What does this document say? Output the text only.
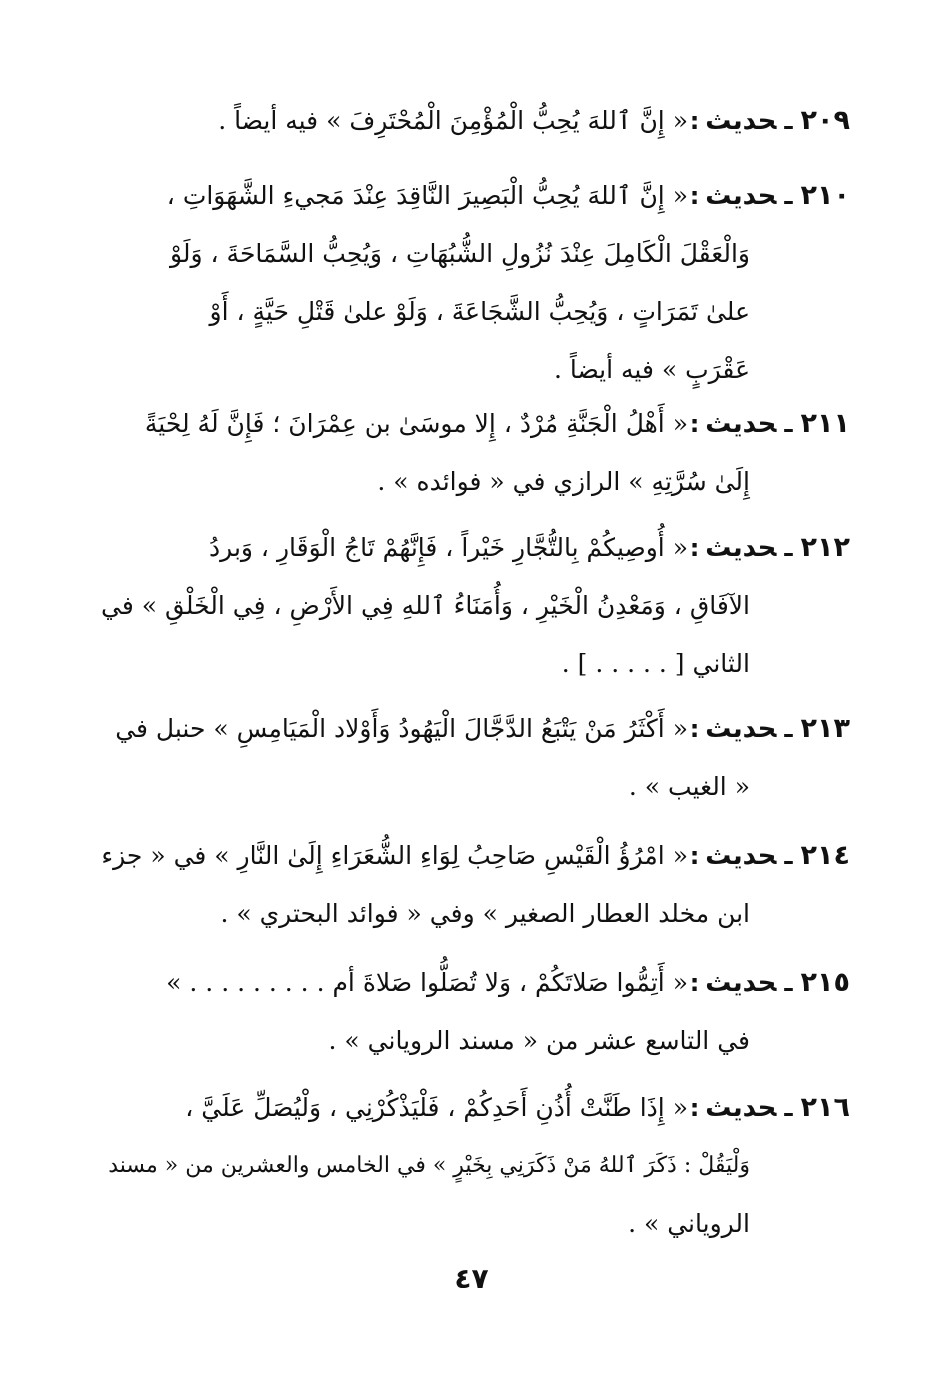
٢٠٩ـحديث:
« إِنَّ ٱللهَ يُحِبُّ الْمُؤْمِنَ الْمُحْتَرِفَ » فيه أيضاً .
٢١٠ـحديث:
« إِنَّ ٱللهَ يُحِبُّ الْبَصِيرَ النَّاقِدَ عِنْدَ مَجيءِ الشَّهَوَاتِ ،
وَالْعَقْلَ الْكَامِلَ عِنْدَ نُزُولِ الشُّبُهَاتِ ، وَيُحِبُّ السَّمَاحَةَ ، وَلَوْ
علىٰ تَمَرَاتٍ ، وَيُحِبُّ الشَّجَاعَةَ ، وَلَوْ علىٰ قَتْلِ حَيَّةٍ ، أَوْ
عَقْرَبٍ » فيه أيضاً .
٢١١ـحديث:
« أَهْلُ الْجَنَّةِ مُرْدٌ ، إِلا موسَىٰ بن عِمْرَانَ ؛ فَإِنَّ لَهُ لِحْيَةً
إِلَىٰ سُرَّتِهِ » الرازي في « فوائده » .
٢١٢ـحديث:
« أُوصِيكُمْ بِالتُّجَّارِ خَيْراً ، فَإِنَّهُمْ تَاجُ الْوَقَارِ ، وَبردُ
الآفَاقِ ، وَمَعْدِنُ الْخَيْرِ ، وَأُمَنَاءُ ٱللهِ فِي الأَرْضِ ، فِي الْخَلْقِ » في
الثاني [ . . . . . ] .
٢١٣ـحديث:
« أَكْثَرُ مَنْ يَتْبَعُ الدَّجَّالَ الْيَهُودُ وَأَوْلاد الْمَيَامِسِ » حنبل في
« الغيب » .
٢١٤ـحديث:
« امْرُؤُ الْقَيْسِ صَاحِبُ لِوَاءِ الشُّعَرَاءِ إِلَىٰ النَّارِ » في « جزء
ابن مخلد العطار الصغير » وفي « فوائد البحتري » .
٢١٥ـحديث:
« أَتِمُّوا صَلاتَكُمْ ، وَلا تُصَلُّوا صَلاةَ أم . . . . . . . . . »
في التاسع عشر من « مسند الروياني » .
٢١٦ـحديث:
« إِذَا طَنَّتْ أُذُنِ أَحَدِكُمْ ، فَلْيَذْكُرْنِي ، وَلْيُصَلِّ عَلَيَّ ،
وَلْيَقُلْ : ذَكَرَ ٱللهُ مَنْ ذَكَرَنِي بِخَيْرٍ » في الخامس والعشرين من « مسند
الروياني » .
٤٧
